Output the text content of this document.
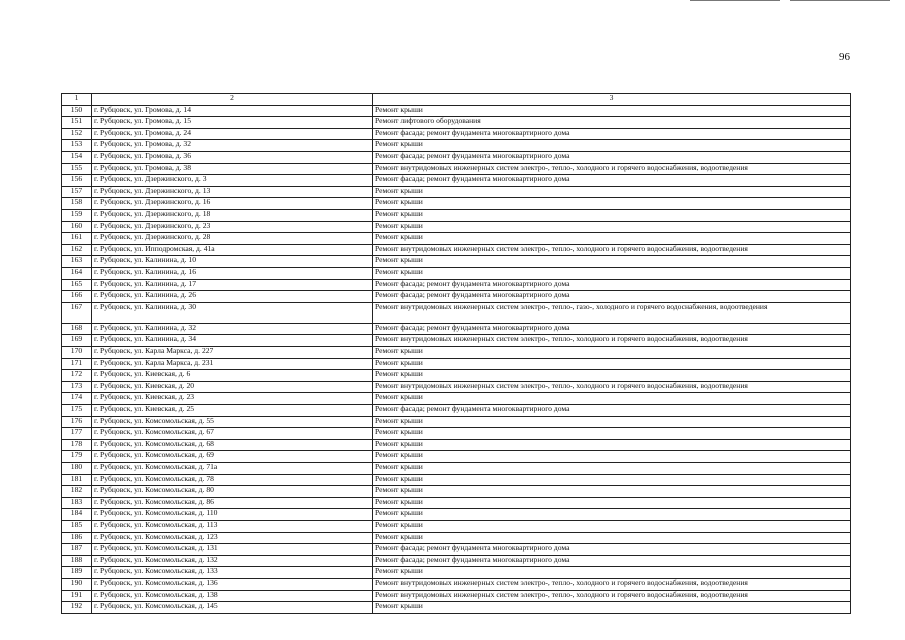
96
1	2	3
150	г. Рубцовск, ул. Громова, д. 14	Ремонт крыши
151	г. Рубцовск, ул. Громова, д. 15	Ремонт лифтового оборудования
152	г. Рубцовск, ул. Громова, д. 24	Ремонт фасада; ремонт фундамента многоквартирного дома
153	г. Рубцовск, ул. Громова, д. 32	Ремонт крыши
154	г. Рубцовск, ул. Громова, д. 36	Ремонт фасада; ремонт фундамента многоквартирного дома
155	г. Рубцовск, ул. Громова, д. 38	Ремонт внутридомовых инженерных систем электро-, тепло-, холодного и горячего водоснабжения, водоотведения
156	г. Рубцовск, ул. Дзержинского, д. 3	Ремонт фасада; ремонт фундамента многоквартирного дома
157	г. Рубцовск, ул. Дзержинского, д. 13	Ремонт крыши
158	г. Рубцовск, ул. Дзержинского, д. 16	Ремонт крыши
159	г. Рубцовск, ул. Дзержинского, д. 18	Ремонт крыши
160	г. Рубцовск, ул. Дзержинского, д. 23	Ремонт крыши
161	г. Рубцовск, ул. Дзержинского, д. 28	Ремонт крыши
162	г. Рубцовск, ул. Ипподромская, д. 41а	Ремонт внутридомовых инженерных систем электро-, тепло-, холодного и горячего водоснабжения, водоотведения
163	г. Рубцовск, ул. Калинина, д. 10	Ремонт крыши
164	г. Рубцовск, ул. Калинина, д. 16	Ремонт крыши
165	г. Рубцовск, ул. Калинина, д. 17	Ремонт фасада; ремонт фундамента многоквартирного дома
166	г. Рубцовск, ул. Калинина, д. 26	Ремонт фасада; ремонт фундамента многоквартирного дома
167	г. Рубцовск, ул. Калинина, д. 30	Ремонт внутридомовых инженерных систем электро-, тепло-, газо-, холодного и горячего водоснабжения, водоотведения
168	г. Рубцовск, ул. Калинина, д. 32	Ремонт фасада; ремонт фундамента многоквартирного дома
169	г. Рубцовск, ул. Калинина, д. 34	Ремонт внутридомовых инженерных систем электро-, тепло-, холодного и горячего водоснабжения, водоотведения
170	г. Рубцовск, ул. Карла Маркса, д. 227	Ремонт крыши
171	г. Рубцовск, ул. Карла Маркса, д. 231	Ремонт крыши
172	г. Рубцовск, ул. Киевская, д. 6	Ремонт крыши
173	г. Рубцовск, ул. Киевская, д. 20	Ремонт внутридомовых инженерных систем электро-, тепло-, холодного и горячего водоснабжения, водоотведения
174	г. Рубцовск, ул. Киевская, д. 23	Ремонт крыши
175	г. Рубцовск, ул. Киевская, д. 25	Ремонт фасада; ремонт фундамента многоквартирного дома
176	г. Рубцовск, ул. Комсомольская, д. 55	Ремонт крыши
177	г. Рубцовск, ул. Комсомольская, д. 67	Ремонт крыши
178	г. Рубцовск, ул. Комсомольская, д. 68	Ремонт крыши
179	г. Рубцовск, ул. Комсомольская, д. 69	Ремонт крыши
180	г. Рубцовск, ул. Комсомольская, д. 71а	Ремонт крыши
181	г. Рубцовск, ул. Комсомольская, д. 78	Ремонт крыши
182	г. Рубцовск, ул. Комсомольская, д. 80	Ремонт крыши
183	г. Рубцовск, ул. Комсомольская, д. 86	Ремонт крыши
184	г. Рубцовск, ул. Комсомольская, д. 110	Ремонт крыши
185	г. Рубцовск, ул. Комсомольская, д. 113	Ремонт крыши
186	г. Рубцовск, ул. Комсомольская, д. 123	Ремонт крыши
187	г. Рубцовск, ул. Комсомольская, д. 131	Ремонт фасада; ремонт фундамента многоквартирного дома
188	г. Рубцовск, ул. Комсомольская, д. 132	Ремонт фасада; ремонт фундамента многоквартирного дома
189	г. Рубцовск, ул. Комсомольская, д. 133	Ремонт крыши
190	г. Рубцовск, ул. Комсомольская, д. 136	Ремонт внутридомовых инженерных систем электро-, тепло-, холодного и горячего водоснабжения, водоотведения
191	г. Рубцовск, ул. Комсомольская, д. 138	Ремонт внутридомовых инженерных систем электро-, тепло-, холодного и горячего водоснабжения, водоотведения
192	г. Рубцовск, ул. Комсомольская, д. 145	Ремонт крыши
